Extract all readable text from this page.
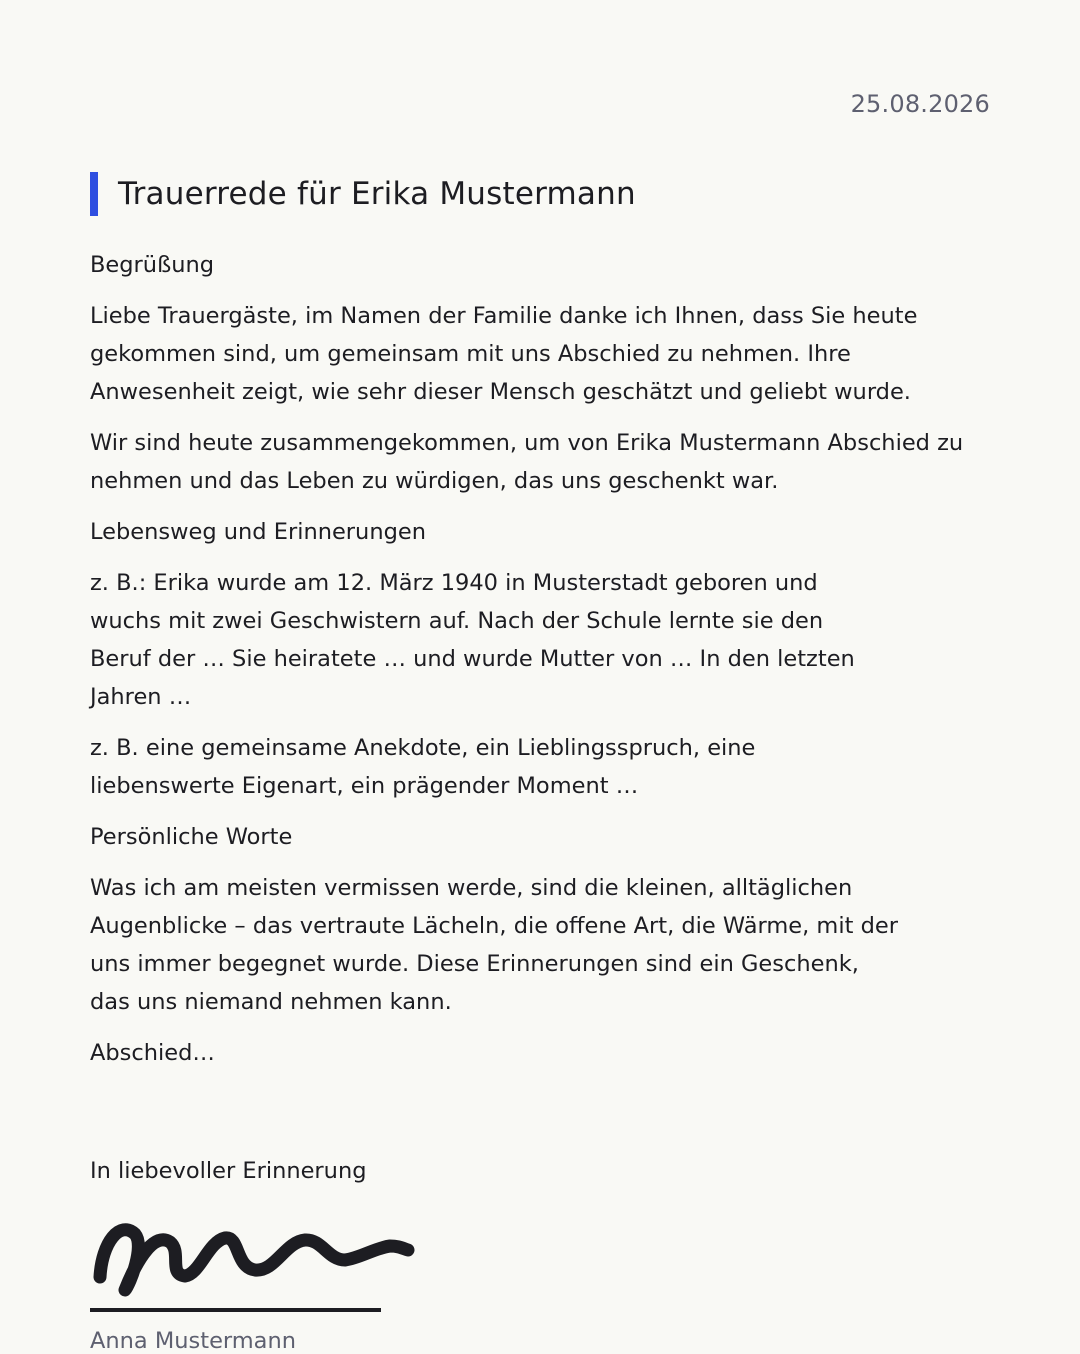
25.08.2026
Trauerrede für Erika Mustermann

Begrüßung

Liebe Trauergäste, im Namen der Familie danke ich Ihnen, dass Sie heute gekommen sind, um gemeinsam mit uns Abschied zu nehmen. Ihre Anwesenheit zeigt, wie sehr dieser Mensch geschätzt und geliebt wurde.

Wir sind heute zusammengekommen, um von Erika Mustermann Abschied zu nehmen und das Leben zu würdigen, das uns geschenkt war.

Lebensweg und Erinnerungen

z. B.: Erika wurde am 12. März 1940 in Musterstadt geboren und wuchs mit zwei Geschwistern auf. Nach der Schule lernte sie den Beruf der … Sie heiratete … und wurde Mutter von … In den letzten Jahren …

z. B. eine gemeinsame Anekdote, ein Lieblingsspruch, eine liebenswerte Eigenart, ein prägender Moment …

Persönliche Worte

Was ich am meisten vermissen werde, sind die kleinen, alltäglichen Augenblicke – das vertraute Lächeln, die offene Art, die Wärme, mit der uns immer begegnet wurde. Diese Erinnerungen sind ein Geschenk, das uns niemand nehmen kann.

Abschied…

In liebevoller Erinnerung
Anna Mustermann
